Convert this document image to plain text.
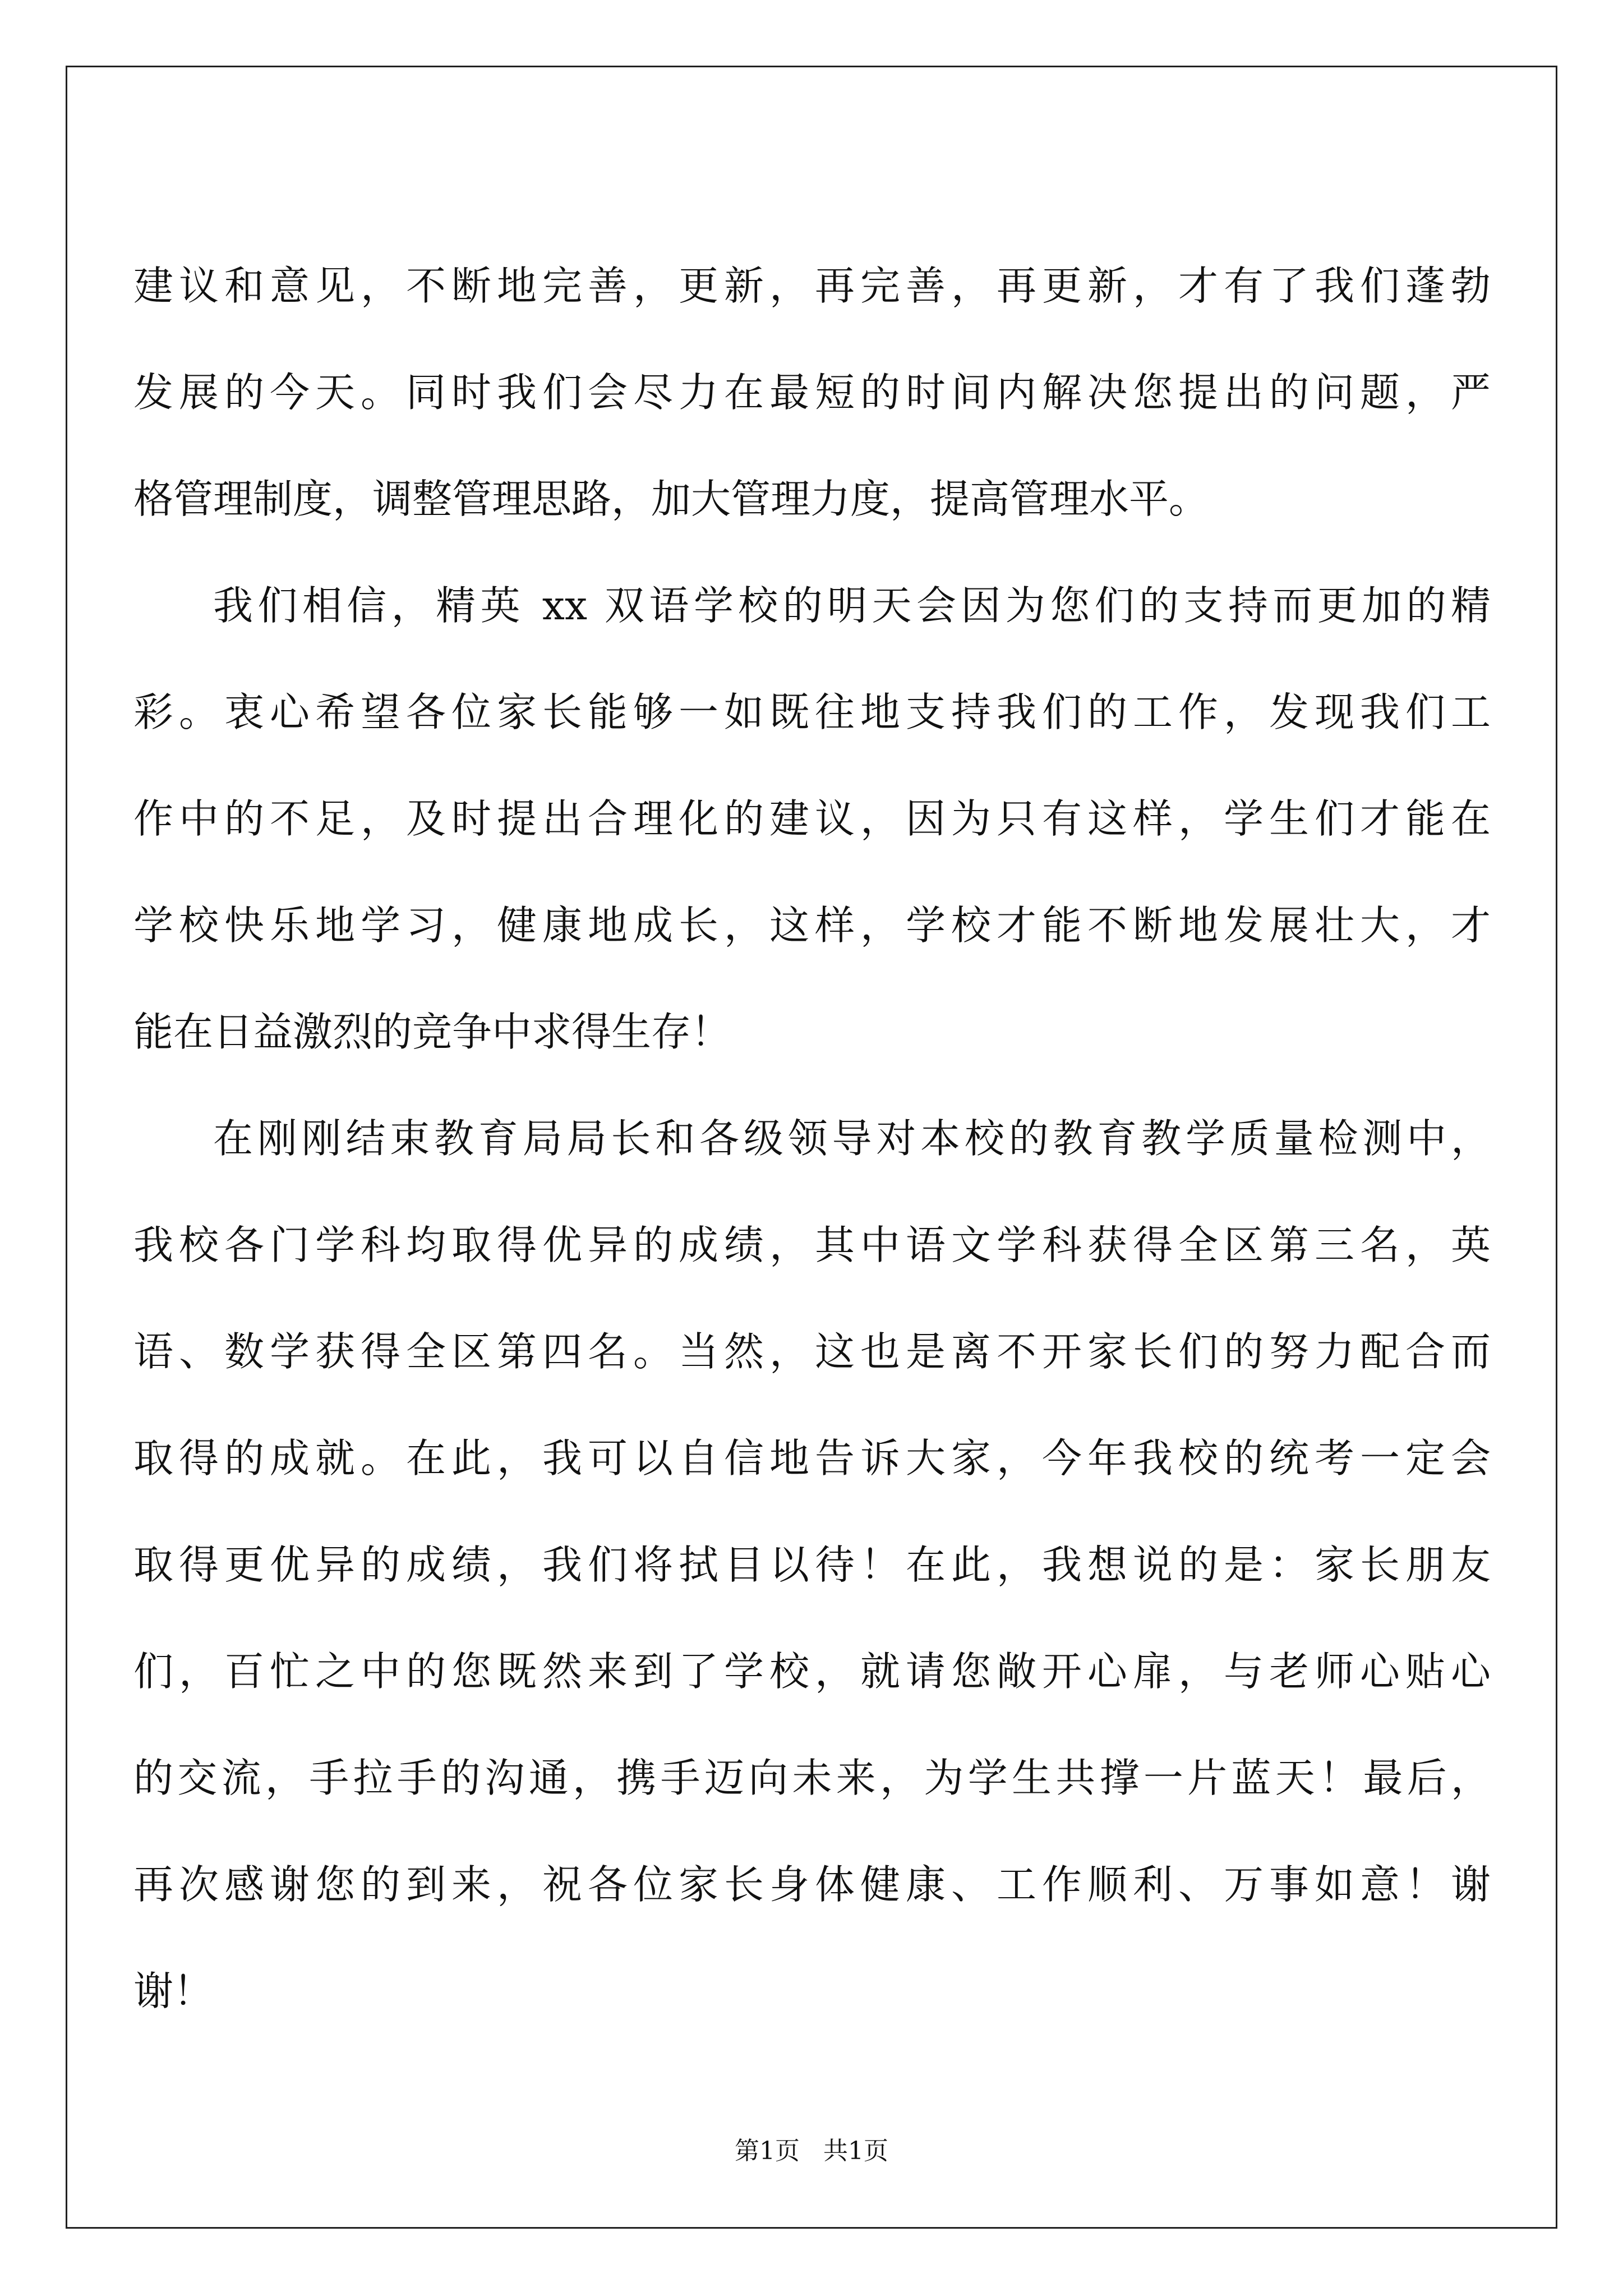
建议和意见，不断地完善，更新，再完善，再更新，才有了我们蓬勃
发展的今天。同时我们会尽力在最短的时间内解决您提出的问题，严
格管理制度，调整管理思路，加大管理力度，提高管理水平。
我们相信，精英 xx 双语学校的明天会因为您们的支持而更加的精
彩。衷心希望各位家长能够一如既往地支持我们的工作，发现我们工
作中的不足，及时提出合理化的建议，因为只有这样，学生们才能在
学校快乐地学习，健康地成长，这样，学校才能不断地发展壮大，才
能在日益激烈的竞争中求得生存！
在刚刚结束教育局局长和各级领导对本校的教育教学质量检测中，
我校各门学科均取得优异的成绩，其中语文学科获得全区第三名，英
语、数学获得全区第四名。当然，这也是离不开家长们的努力配合而
取得的成就。在此，我可以自信地告诉大家，今年我校的统考一定会
取得更优异的成绩，我们将拭目以待！在此，我想说的是：家长朋友
们，百忙之中的您既然来到了学校，就请您敞开心扉，与老师心贴心
的交流，手拉手的沟通，携手迈向未来，为学生共撑一片蓝天！最后，
再次感谢您的到来，祝各位家长身体健康、工作顺利、万事如意！谢
谢！
第1页   共1页
